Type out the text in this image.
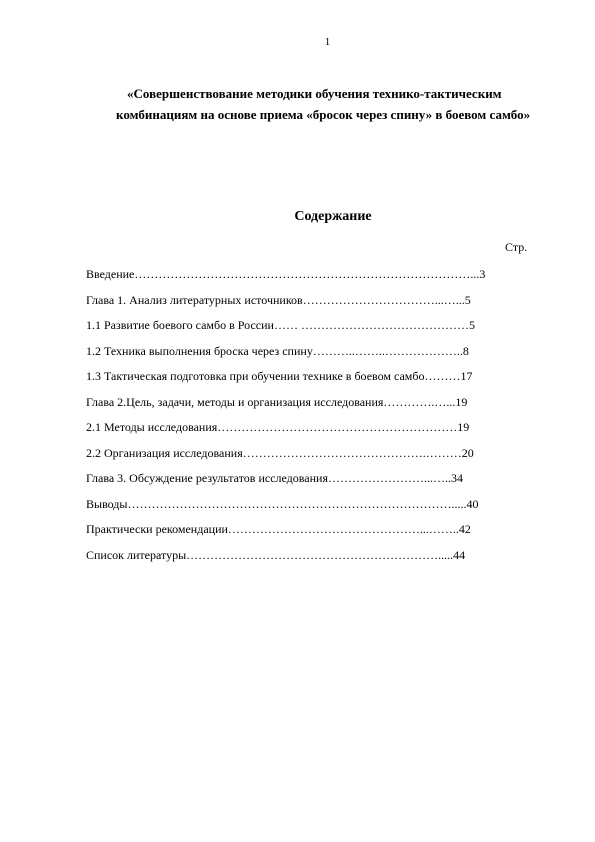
1
«Совершенствование методики обучения технико-тактическим
комбинациям на основе приема «бросок через спину» в боевом самбо»
Содержание
Стр.
Введение…………………………………………………………………………...3
Глава 1. Анализ литературных источников……………………………...…...5
1.1 Развитие боевого самбо в России…… ……………………………………5
1.2 Техника выполнения броска через спину………..……..………………..8
1.3 Тактическая подготовка при обучении технике в боевом самбо………17
Глава 2.Цель, задачи, методы и организация исследования………….…...19
2.1 Методы исследования……………………………………………………19
2.2 Организация исследования……………………………………….………20
Глава 3. Обсуждение результатов исследования……………………...…..34
Выводы……………………………………………………………………….....40
Практически рекомендации…………………………………………...……..42
Список литературы……………………………………………………….....44
